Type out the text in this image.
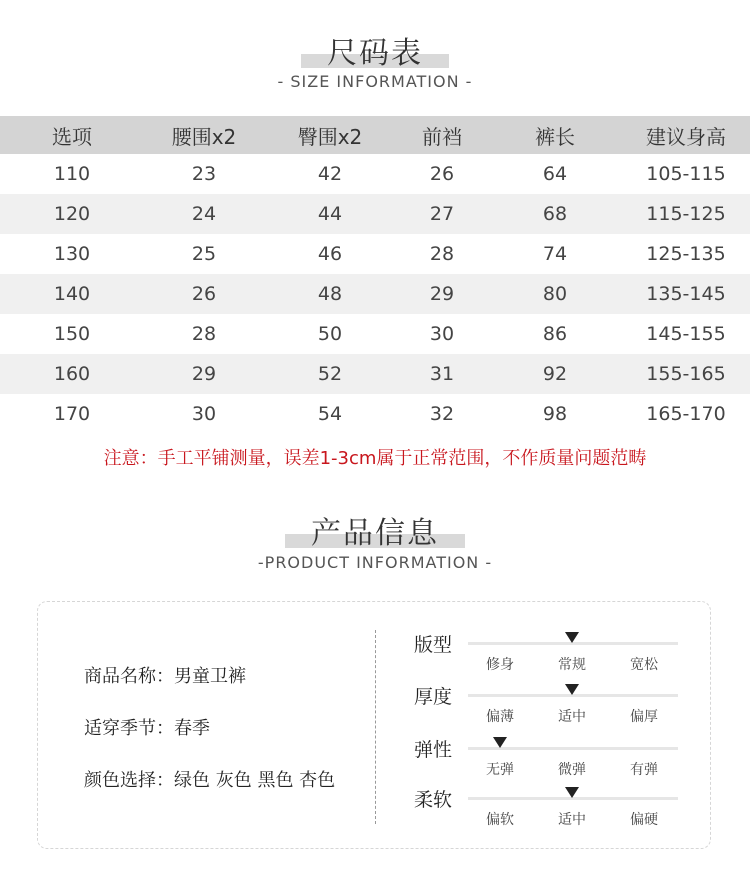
尺码表
- SIZE INFORMATION -
选项	腰围x2	臀围x2	前裆	裤长	建议身高
110	23	42	26	64	105-115
120	24	44	27	68	115-125
130	25	46	28	74	125-135
140	26	48	29	80	135-145
150	28	50	30	86	145-155
160	29	52	31	92	155-165
170	30	54	32	98	165-170
注意：手工平铺测量，误差1-3cm属于正常范围，不作质量问题范畴
产品信息
-PRODUCT INFORMATION -
商品名称：男童卫裤
适穿季节：春季
颜色选择：绿色 灰色 黑色 杏色
版型
修身	常规	宽松
厚度
偏薄	适中	偏厚
弹性
无弹	微弹	有弹
柔软
偏软	适中	偏硬
